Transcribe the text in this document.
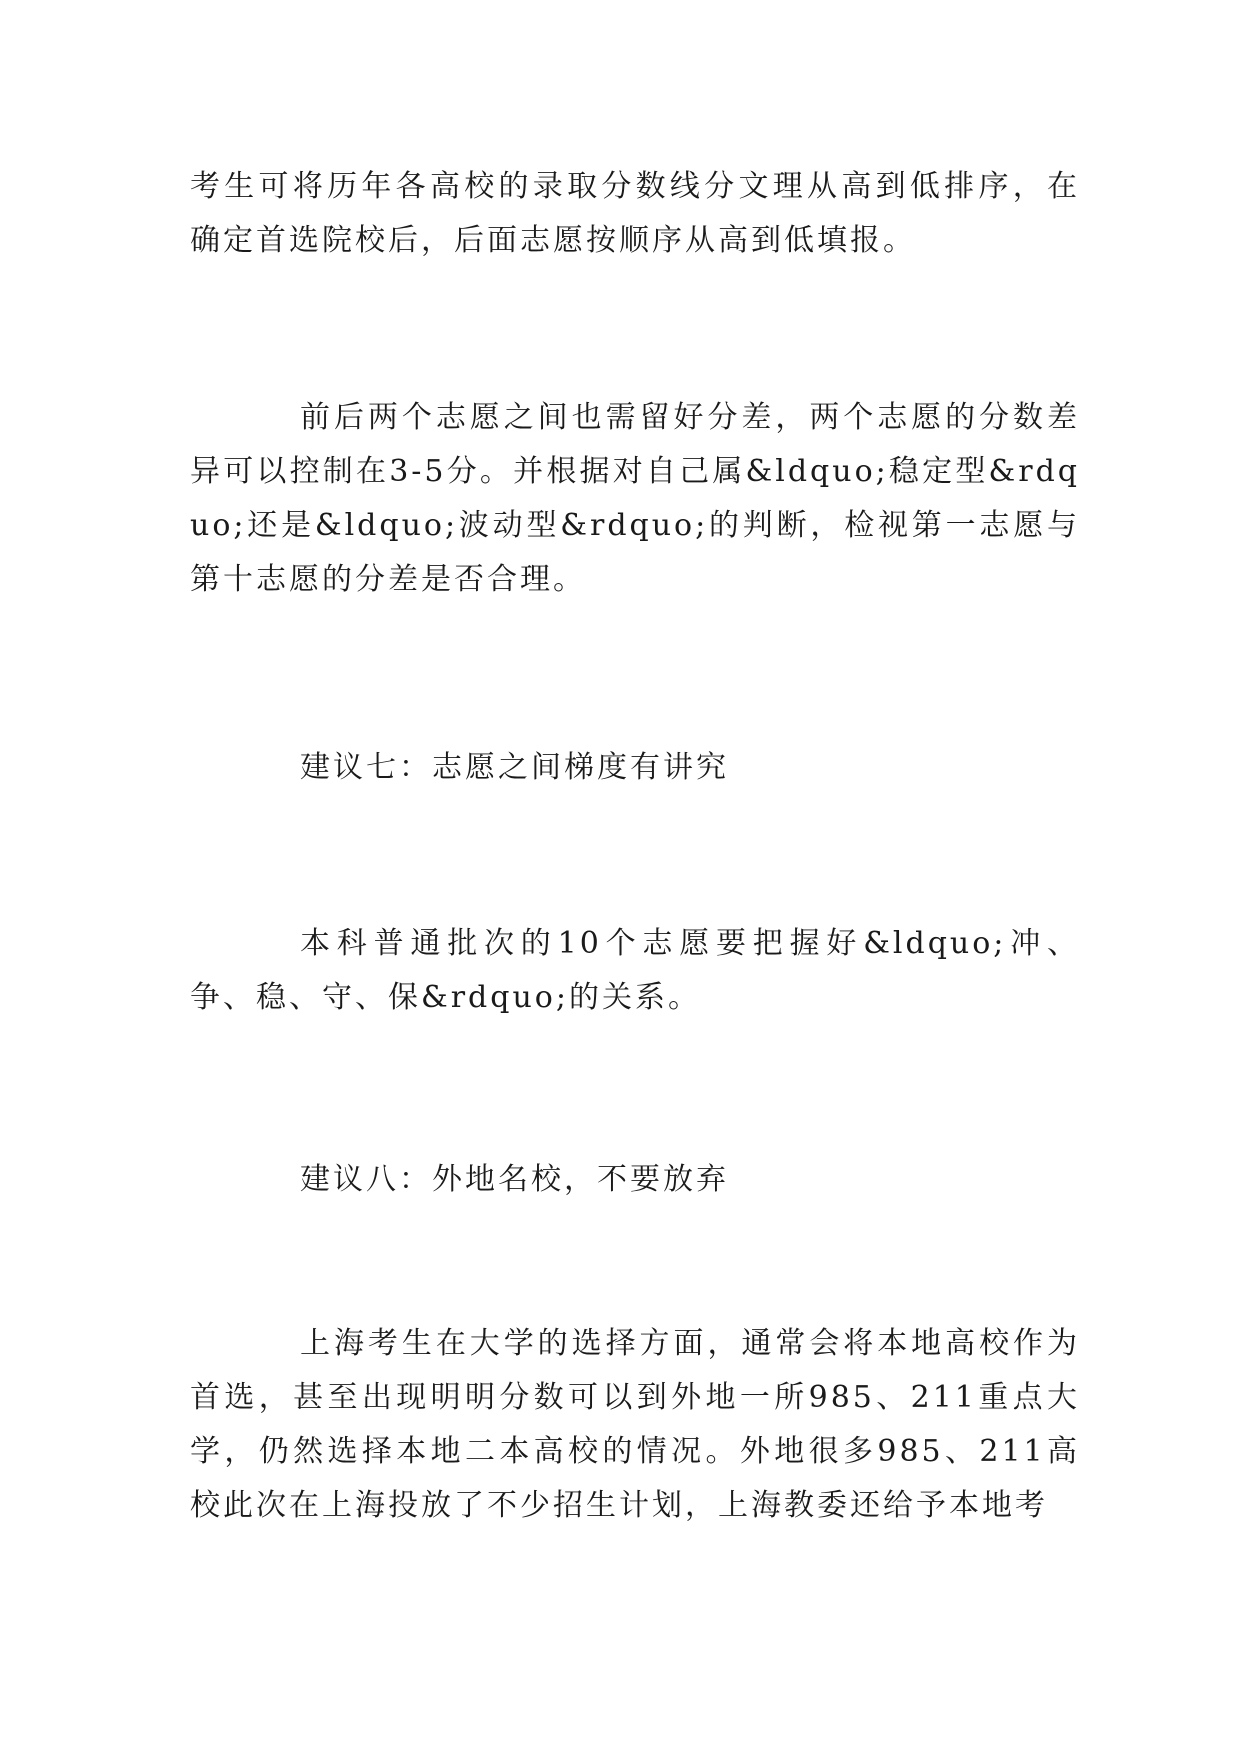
考生可将历年各高校的录取分数线分文理从高到低排序，在确定首选院校后，后面志愿按顺序从高到低填报。

前后两个志愿之间也需留好分差，两个志愿的分数差异可以控制在3-5分。并根据对自己属&ldquo;稳定型&rdquo;还是&ldquo;波动型&rdquo;的判断，检视第一志愿与第十志愿的分差是否合理。

建议七：志愿之间梯度有讲究

本科普通批次的10个志愿要把握好&ldquo;冲、争、稳、守、保&rdquo;的关系。

建议八：外地名校，不要放弃

上海考生在大学的选择方面，通常会将本地高校作为首选，甚至出现明明分数可以到外地一所985、211重点大学，仍然选择本地二本高校的情况。外地很多985、211高校此次在上海投放了不少招生计划，上海教委还给予本地考
